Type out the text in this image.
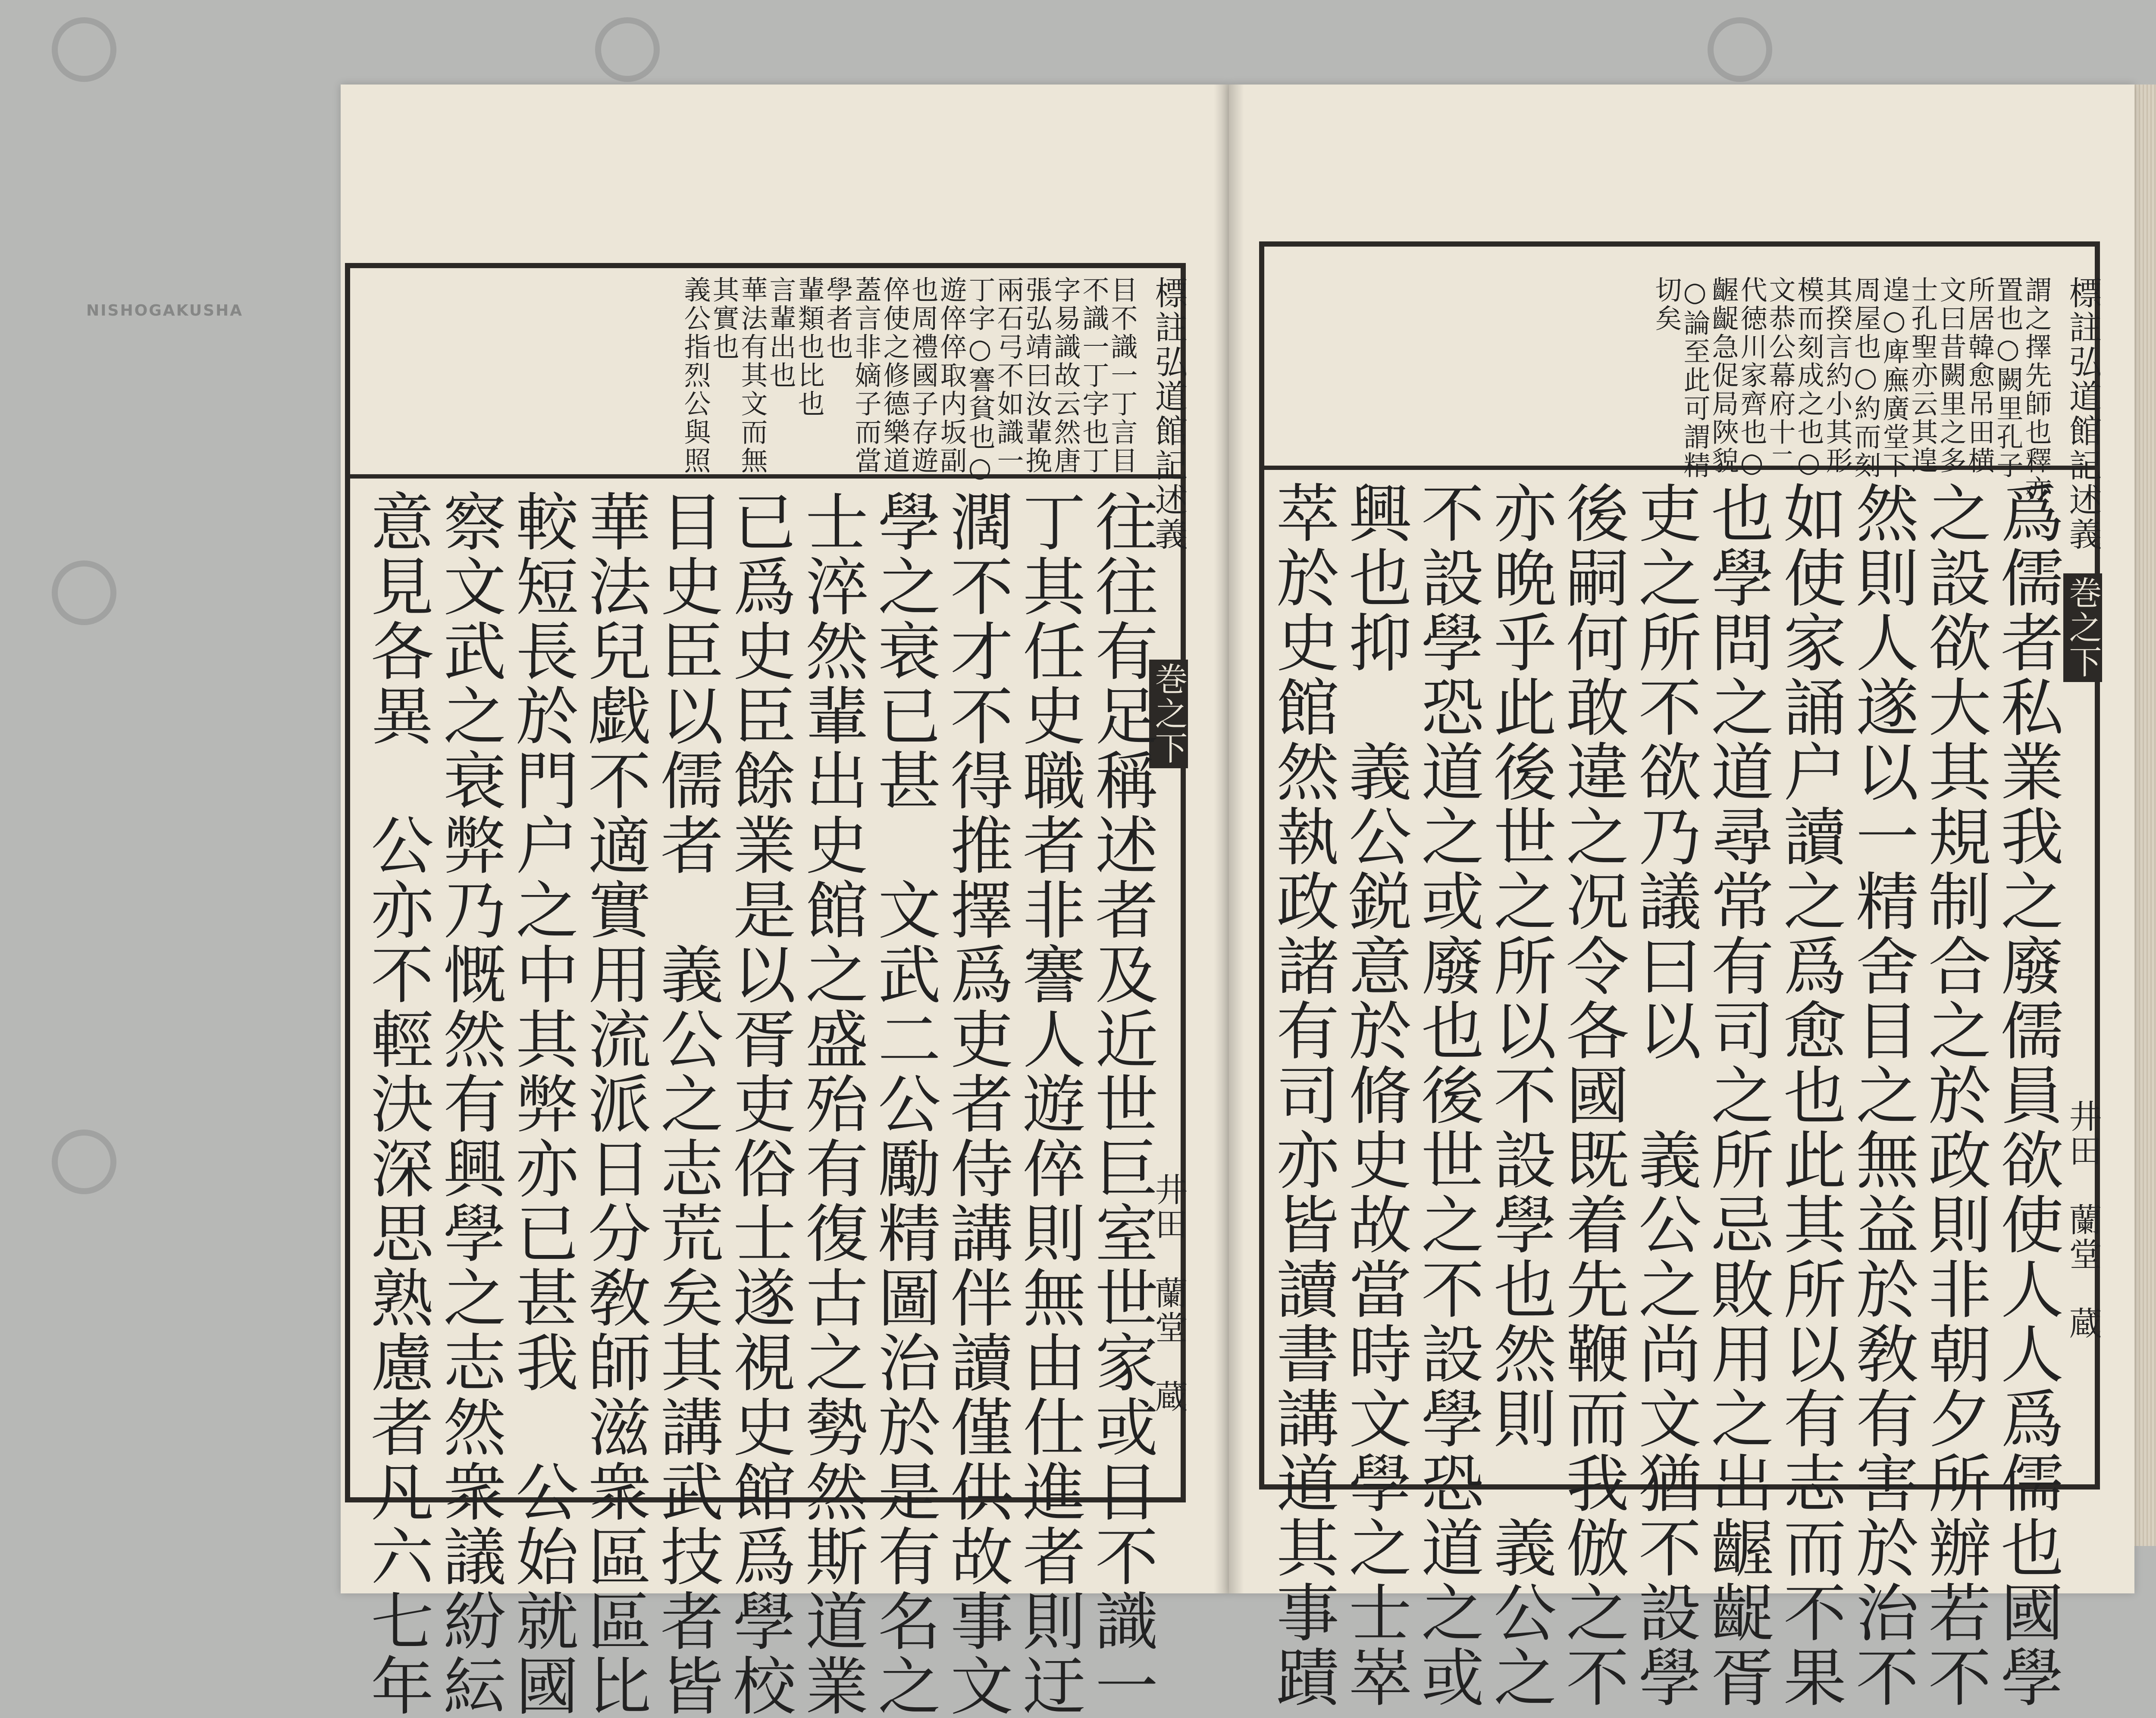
NISHOGAKUSHA	標註弘道館記述義
巻之下
井田　蘭堂　蔵
謂之擇先師也釋亦
置也○闕里孔子
所居韓愈吊田横
文曰昔闕里之多
士孔聖亦云其遑
遑○庳廡廣堂下
周屋也○約而刻
其揆言約小其形
模而刻成之也○
文恭公幕府十二
代徳川家齊也○
齷齪急促局陜貌
○論至此可謂精
切矣
爲儒者私業我之廢儒員欲使人人爲儒也國學
之設欲大其規制合之於政則非朝夕所辦若不
然則人遂以一精舍目之無益於敎有害於治不
如使家誦户讀之爲愈也此其所以有志而不果
也學問之道尋常有司之所忌敗用之出齷齪胥
吏之所不欲乃議曰以　義公之尚文猶不設學
後嗣何敢違之况令各國既着先鞭而我倣之不
亦晩乎此後世之所以不設學也然則　義公之
不設學恐道之或廢也後世之不設學恐道之或
興也抑　義公鋭意於脩史故當時文學之士崒
萃於史館然執政諸有司亦皆讀書講道其事蹟
標註弘道館記述義
巻之下
井田　蘭堂　蔵
目不識一丁言目
不識一丁字也丁
字易識故云然唐
張弘靖曰汝輩挽
兩石弓不如識一
丁字○謇貧也○
遊倅倅取内坂副
也周禮國子存遊
倅使之修德樂道
蓋言非嫡子而當
學者也
輩類也比也
言輩出也
華法有其文而無
其實也
義公指烈公與照
往往有足稱述者及近世巨室世家或目不識一
丁其任史職者非謇人遊倅則無由仕進者則迂
濶不才不得推擇爲吏者侍講伴讀僅供故事文
學之衰已甚　文武二公勵精圖治於是有名之
士淬然輩出史館之盛殆有復古之勢然斯道業
已爲史臣餘業是以胥吏俗士遂視史館爲學校
目史臣以儒者　義公之志荒矣其講武技者皆
華法兒戯不適實用流派日分敎師滋衆區區比
較短長於門户之中其弊亦已甚我　公始就國
察文武之衰弊乃慨然有興學之志然衆議紛紜
意見各異　公亦不輕決深思熟慮者凡六七年
